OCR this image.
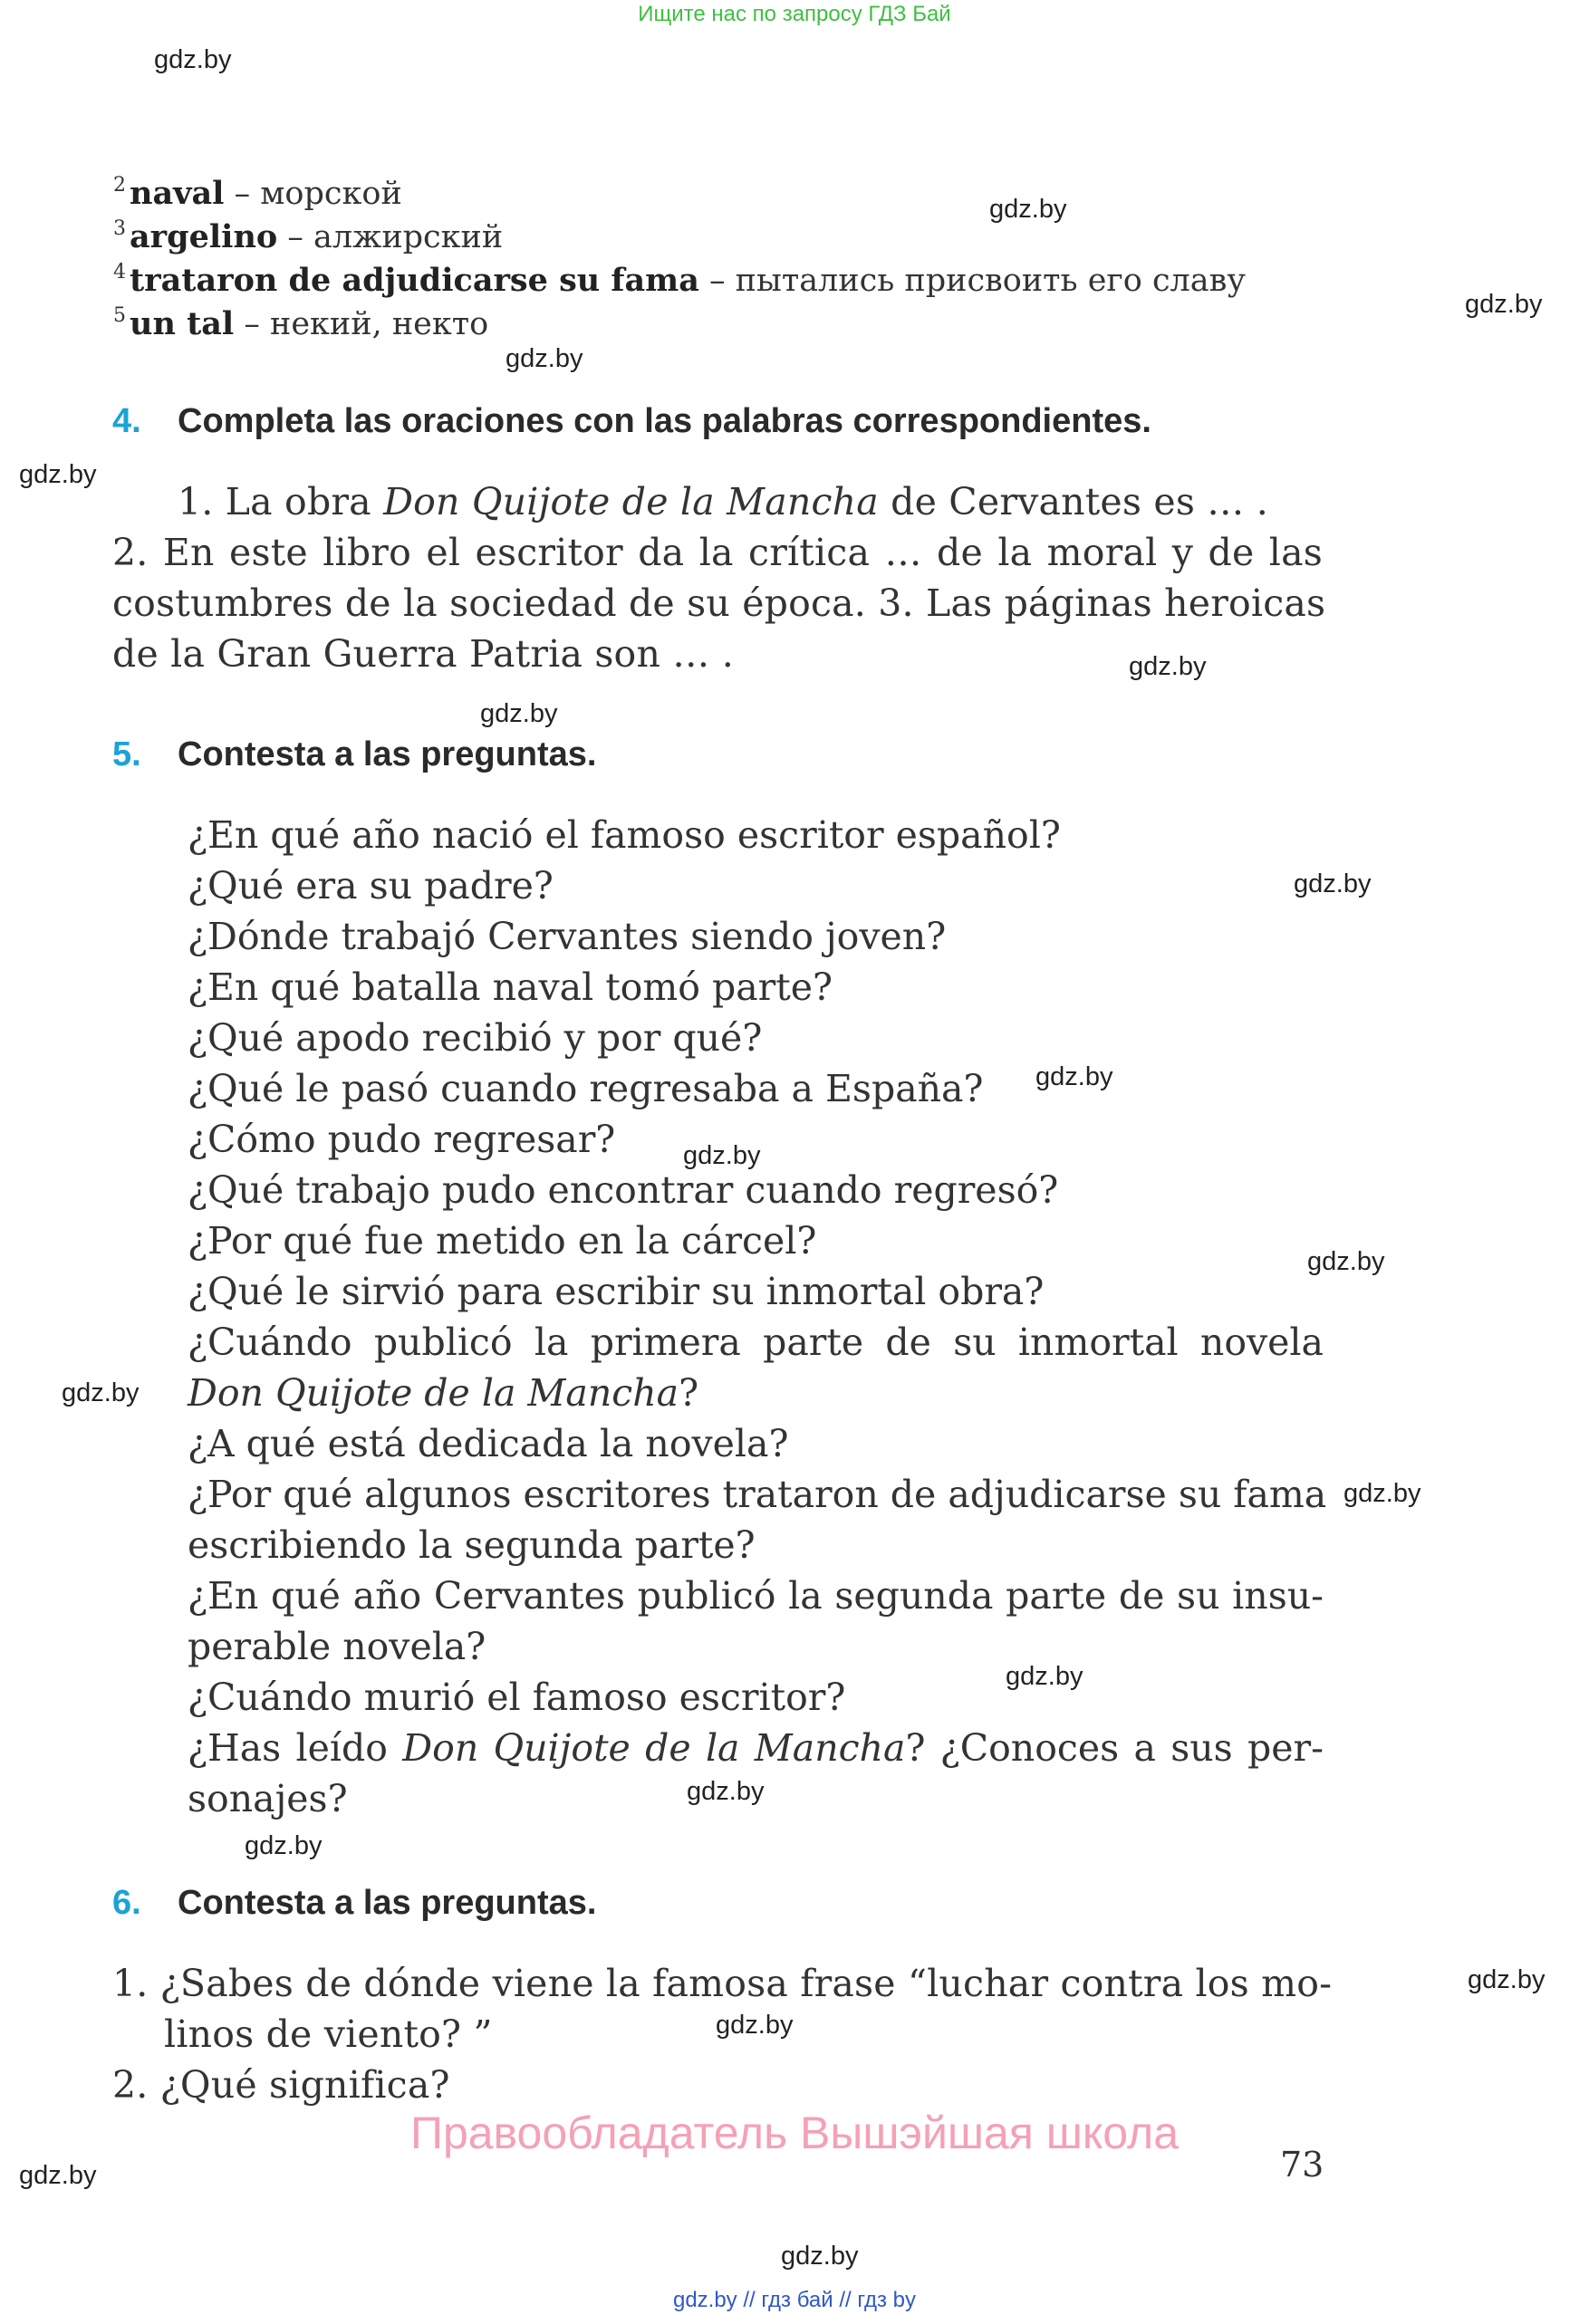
Ищите нас по запросу ГДЗ Бай
gdz.by
gdz.by
gdz.by
gdz.by
gdz.by
gdz.by
gdz.by
gdz.by
gdz.by
gdz.by
gdz.by
gdz.by
gdz.by
gdz.by
gdz.by
gdz.by
gdz.by
gdz.by
gdz.by
gdz.by
$^2$ naval – морской
$^3$ argelino – алжирский
$^4$ trataron de adjudicarse su fama – пытались присвоить его славу
$^5$ un tal – некий, некто
4. Completa las oraciones con las palabras correspondientes.
1. La obra Don Quijote de la Mancha de Cervantes es … .
2. En este libro el escritor da la crítica … de la moral y de las
costumbres de la sociedad de su época. 3. Las páginas heroicas
de la Gran Guerra Patria son … .
5. Contesta a las preguntas.
¿En qué año nació el famoso escritor español?
¿Qué era su padre?
¿Dónde trabajó Cervantes siendo joven?
¿En qué batalla naval tomó parte?
¿Qué apodo recibió y por qué?
¿Qué le pasó cuando regresaba a España?
¿Cómo pudo regresar?
¿Qué trabajo pudo encontrar cuando regresó?
¿Por qué fue metido en la cárcel?
¿Qué le sirvió para escribir su inmortal obra?
¿Cuándo publicó la primera parte de su inmortal novela
Don Quijote de la Mancha?
¿A qué está dedicada la novela?
¿Por qué algunos escritores trataron de adjudicarse su fama
escribiendo la segunda parte?
¿En qué año Cervantes publicó la segunda parte de su insu-
perable novela?
¿Cuándo murió el famoso escritor?
¿Has leído Don Quijote de la Mancha? ¿Conoces a sus per-
sonajes?
6. Contesta a las preguntas.
1. ¿Sabes de dónde viene la famosa frase “luchar contra los mo-
linos de viento? ”
2. ¿Qué significa?
Правообладатель Вышэйшая школа
73
gdz.by // гдз бай // гдз by
